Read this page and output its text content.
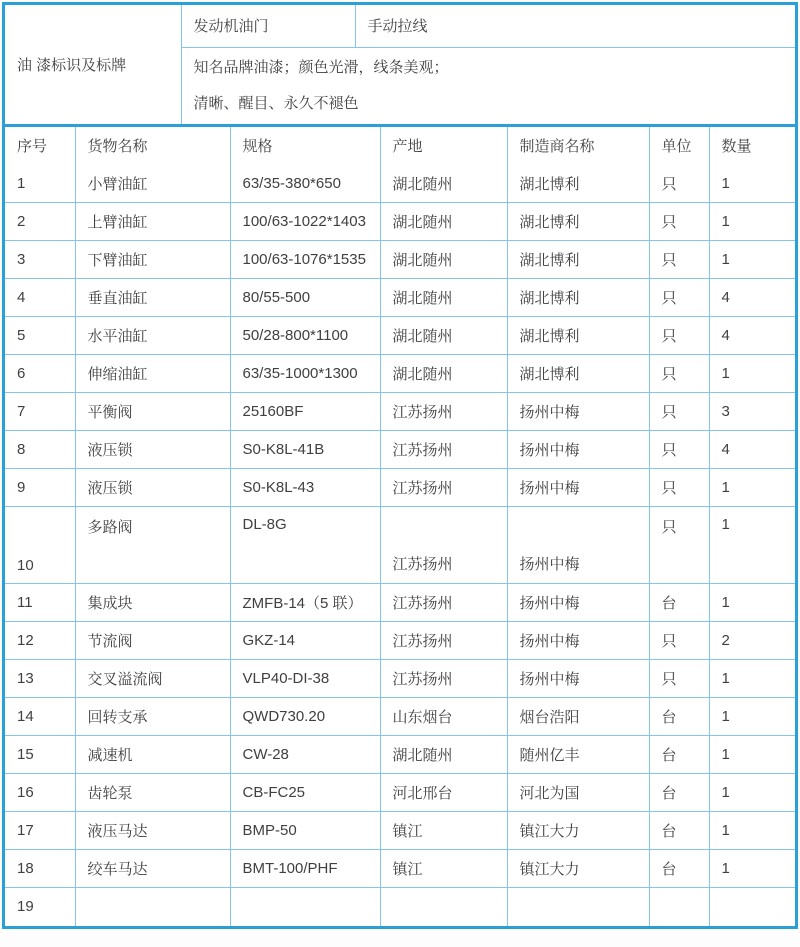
油 漆标识及标牌	发动机油门	手动拉线

知名品牌油漆；颜色光滑，线条美观；
清晰、醒目、永久不褪色
序号	货物名称	规格	产地	制造商名称	单位	数量
1	小臂油缸	63/35-380*650	湖北随州	湖北博利	只	1
2	上臂油缸	100/63-1022*1403	湖北随州	湖北博利	只	1
3	下臂油缸	100/63-1076*1535	湖北随州	湖北博利	只	1
4	垂直油缸	80/55-500	湖北随州	湖北博利	只	4
5	水平油缸	50/28-800*1100	湖北随州	湖北博利	只	4
6	伸缩油缸	63/35-1000*1300	湖北随州	湖北博利	只	1
7	平衡阀	25160BF	江苏扬州	扬州中梅	只	3
8	液压锁	S0-K8L-41B	江苏扬州	扬州中梅	只	4
9	液压锁	S0-K8L-43	江苏扬州	扬州中梅	只	1
10	多路阀	DL-8G	江苏扬州	扬州中梅	只	1
11	集成块	ZMFB-14（5 联）	江苏扬州	扬州中梅	台	1
12	节流阀	GKZ-14	江苏扬州	扬州中梅	只	2
13	交叉溢流阀	VLP40-DI-38	江苏扬州	扬州中梅	只	1
14	回转支承	QWD730.20	山东烟台	烟台浩阳	台	1
15	减速机	CW-28	湖北随州	随州亿丰	台	1
16	齿轮泵	CB-FC25	河北邢台	河北为国	台	1
17	液压马达	BMP-50	镇江	镇江大力	台	1
18	绞车马达	BMT-100/PHF	镇江	镇江大力	台	1
19						
